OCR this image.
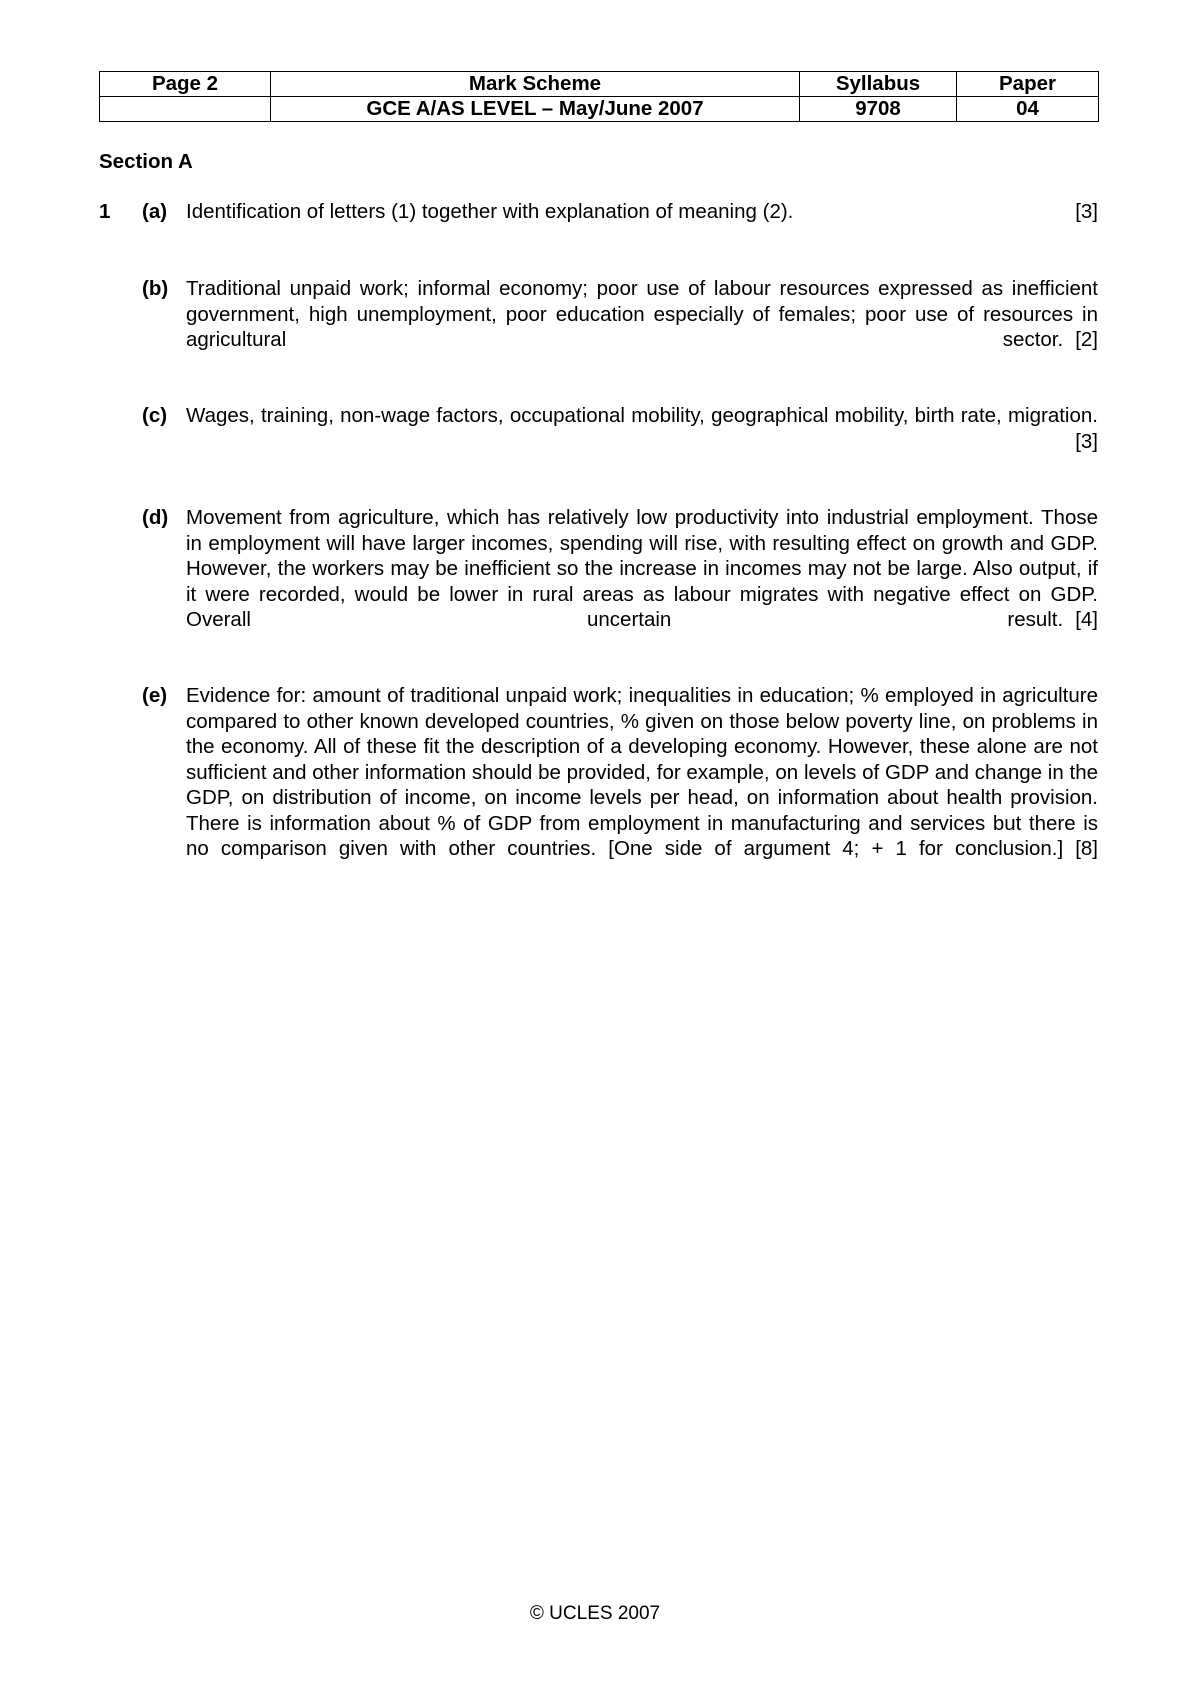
Page 2	Mark Scheme	Syllabus	Paper
	GCE A/AS LEVEL – May/June 2007	9708	04
Section A
1 (a)	[3]
Identification of letters (1) together with explanation of meaning (2).
(b) Traditional unpaid work; informal economy; poor use of labour resources expressed as inefficient government, high unemployment, poor education especially of females; poor use of resources in agricultural sector. [2]
(c) Wages, training, non-wage factors, occupational mobility, geographical mobility, birth rate, migration.
[3]
(d) Movement from agriculture, which has relatively low productivity into industrial employment. Those in employment will have larger incomes, spending will rise, with resulting effect on growth and GDP. However, the workers may be inefficient so the increase in incomes may not be large. Also output, if it were recorded, would be lower in rural areas as labour migrates with negative effect on GDP. Overall uncertain result. [4]
(e) Evidence for: amount of traditional unpaid work; inequalities in education; % employed in agriculture compared to other known developed countries, % given on those below poverty line, on problems in the economy. All of these fit the description of a developing economy. However, these alone are not sufficient and other information should be provided, for example, on levels of GDP and change in the GDP, on distribution of income, on income levels per head, on information about health provision. There is information about % of GDP from employment in manufacturing and services but there is no comparison given with other countries. [One side of argument 4; + 1 for conclusion.] [8]
© UCLES 2007
